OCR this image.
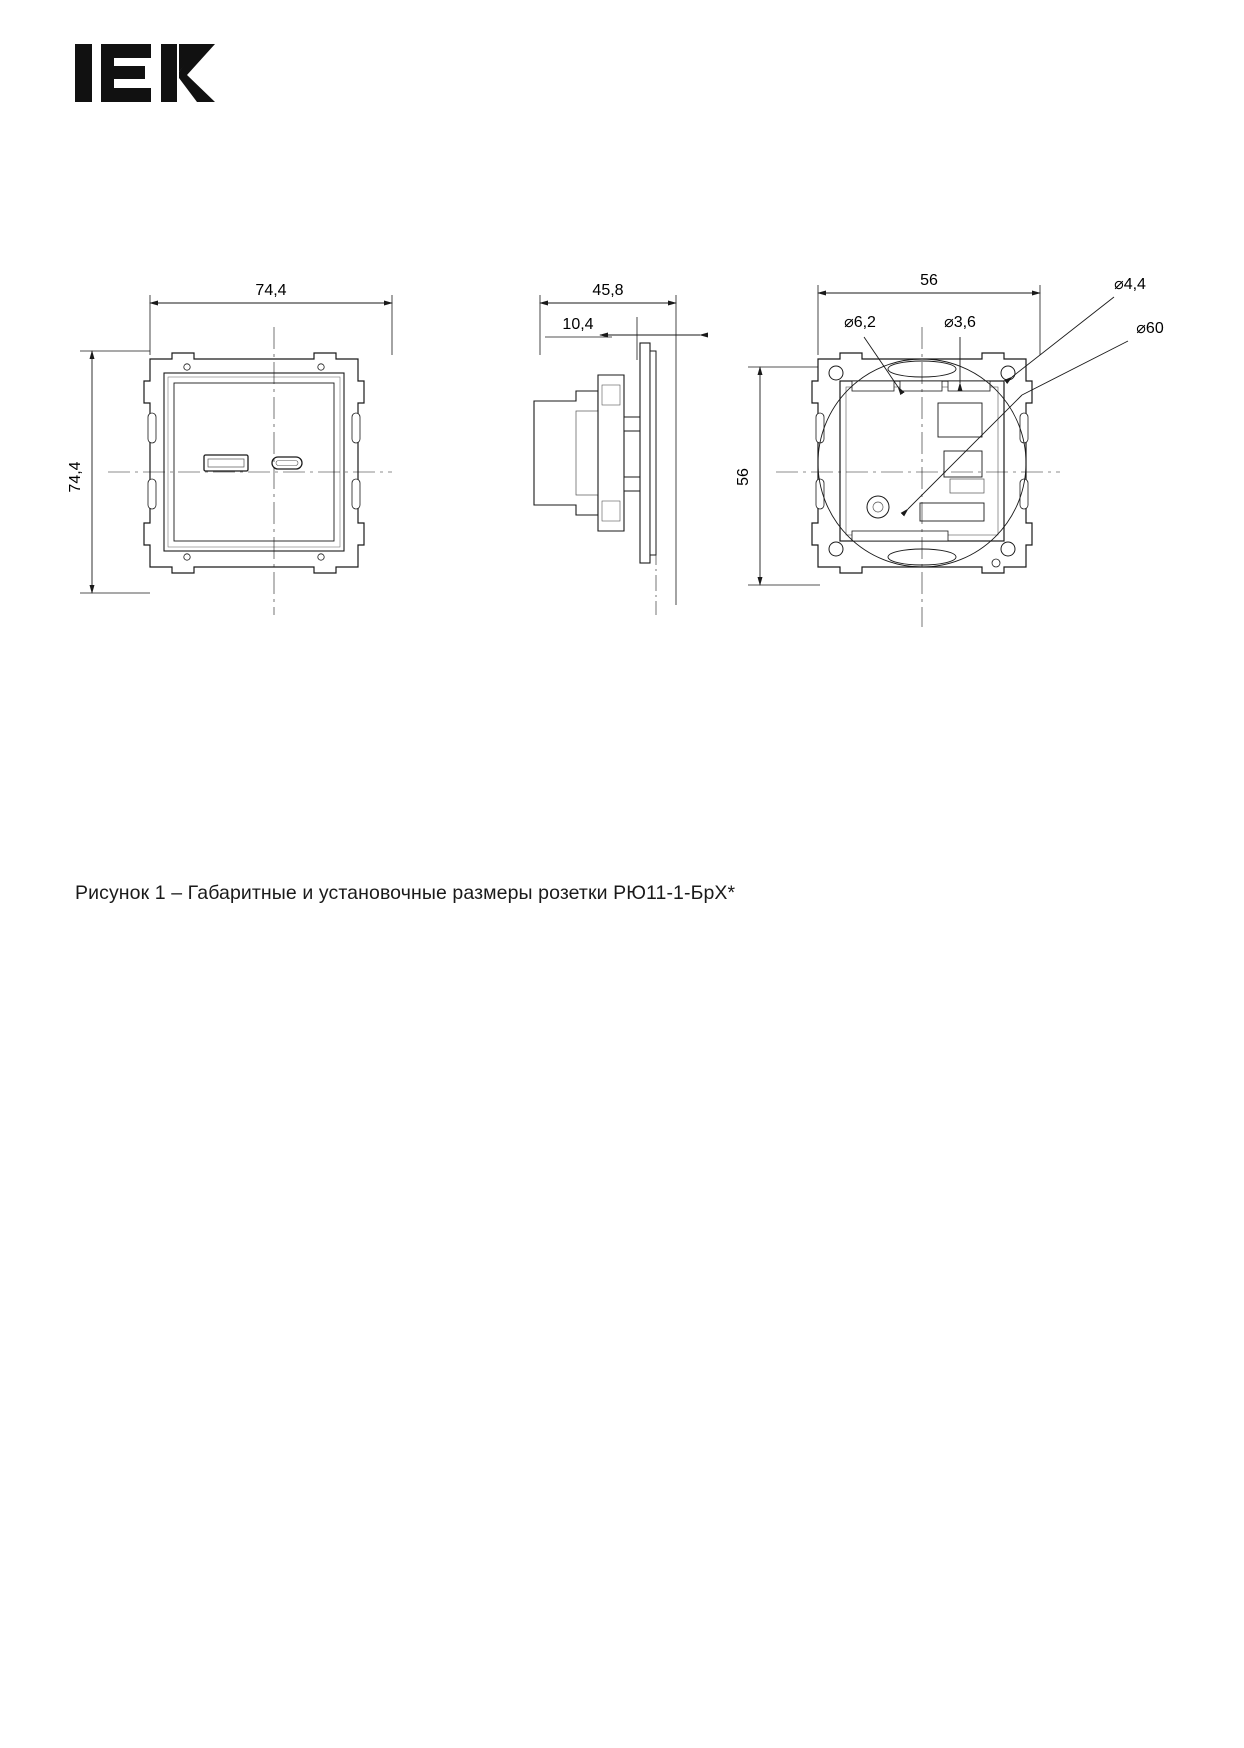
74,4
74,4
45,8
10,4
56
56
⌀6,2	⌀3,6
⌀4,4
⌀60
Рисунок 1 – Габаритные и установочные размеры розетки РЮ11-1-БрХ*
